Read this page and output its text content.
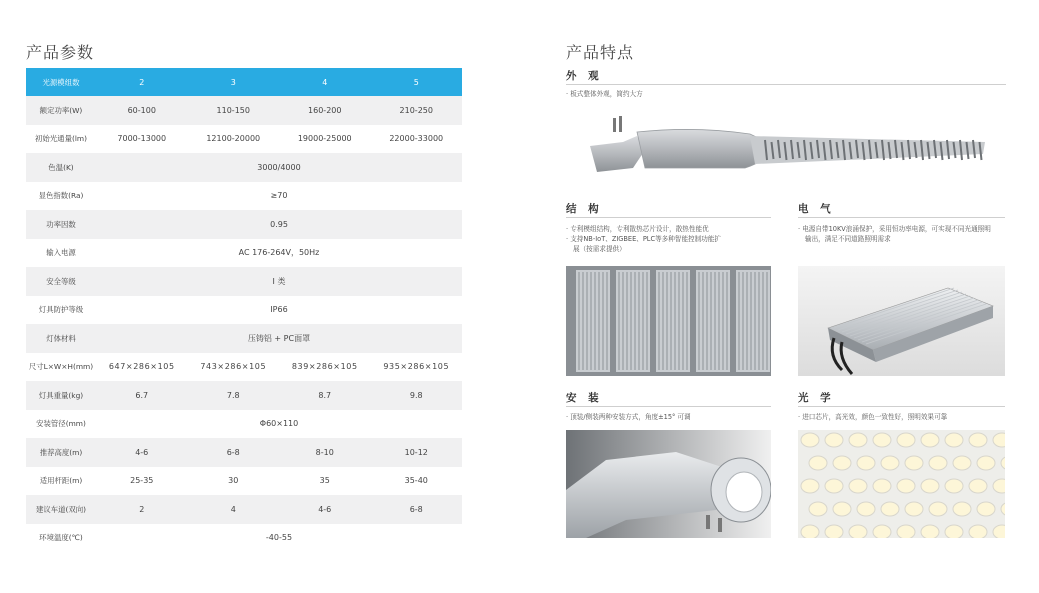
产品参数
光源模组数	2	3	4	5
额定功率(W)	60-100	110-150	160-200	210-250
初始光通量(lm)	7000-13000	12100-20000	19000-25000	22000-33000
色温(K)	3000/4000			
显色指数(Ra)	≥70			
功率因数	0.95			
输入电源	AC 176-264V，50Hz			
安全等级	I 类			
灯具防护等级	IP66			
灯体材料	压铸铝 + PC面罩			
尺寸L×W×H(mm)	647×286×105	743×286×105	839×286×105	935×286×105
灯具重量(kg)	6.7	7.8	8.7	9.8
安装管径(mm)	Φ60×110			
推荐高度(m)	4-6	6-8	8-10	10-12
适用杆距(m)	25-35	30	35	35-40
建议车道(双向)	2	4	4-6	6-8
环境温度(℃)	-40-55			
产品特点
外 观
· 板式整体外观，简约大方
结 构
· 专利模组结构，专利散热芯片设计，散热性能优
· 支持NB-IoT、ZIGBEE、PLC等多种智能控制功能扩
展（按需求提供）
电 气
· 电源自带10KV浪涌保护，采用恒功率电源，可实现不同光通照明
输出，满足不同道路照明需求
安 装
· 顶装/侧装两种安装方式，角度±15° 可调
光 学
· 进口芯片，高光效，颜色一致性好，照明效果可靠
